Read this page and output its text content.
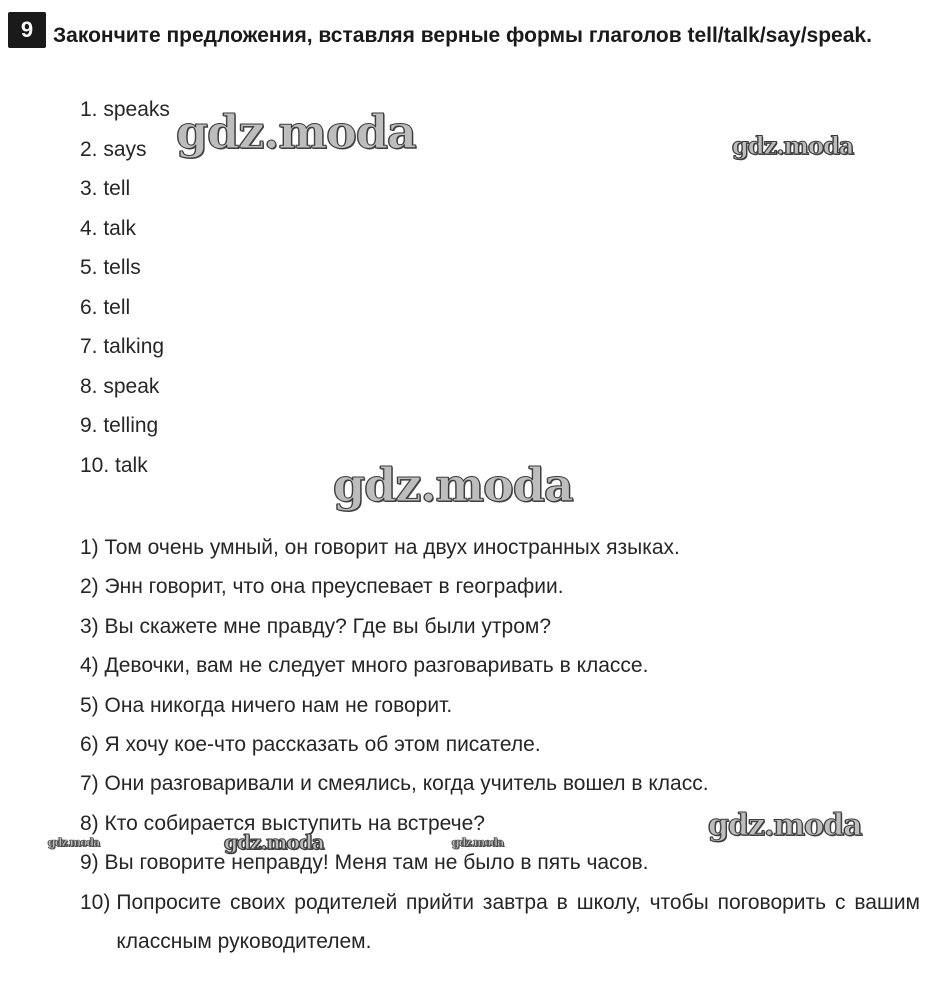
9 Закончите предложения, вставляя верные формы глаголов tell/talk/say/speak.

1. speaks
2. says
3. tell
4. talk
5. tells
6. tell
7. talking
8. speak
9. telling
10. talk
1) Том очень умный, он говорит на двух иностранных языках.
2) Энн говорит, что она преуспевает в географии.
3) Вы скажете мне правду? Где вы были утром?
4) Девочки, вам не следует много разговаривать в классе.
5) Она никогда ничего нам не говорит.
6) Я хочу кое-что рассказать об этом писателе.
7) Они разговаривали и смеялись, когда учитель вошел в класс.
8) Кто собирается выступить на встрече?
9) Вы говорите неправду! Меня там не было в пять часов.
10) Попросите своих родителей прийти завтра в школу, чтобы поговорить с вашим классным руководителем.
gdz.moda	gdz.moda
gdz.moda
gdz.moda
gdz.moda
gdz.moda	gdz.moda
